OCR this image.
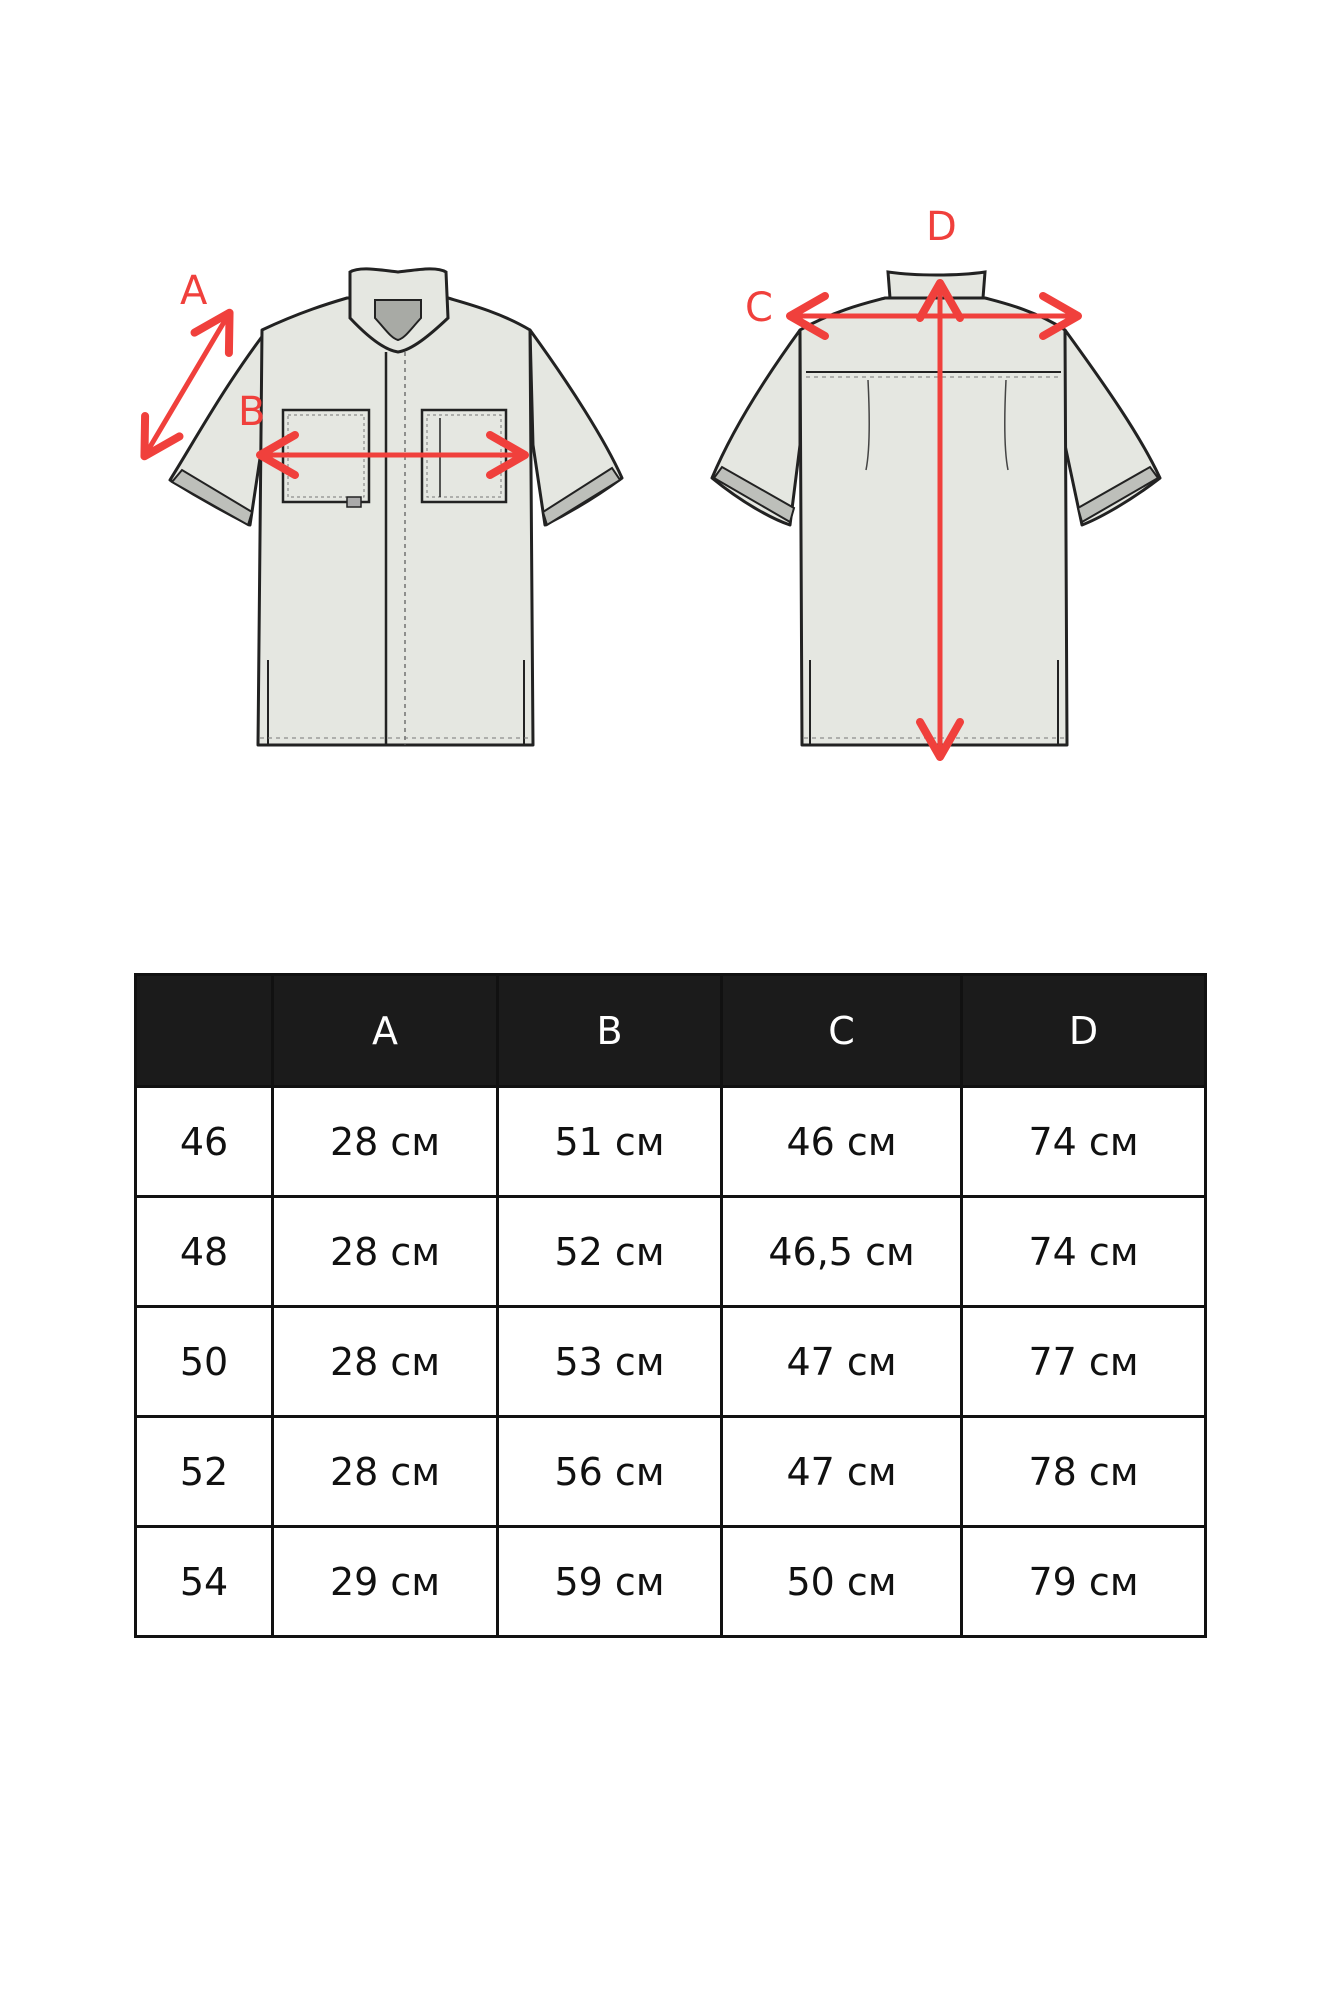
A
B
C
D
	A	B	C	D
46	28 см	51 см	46 см	74 см
48	28 см	52 см	46,5 см	74 см
50	28 см	53 см	47 см	77 см
52	28 см	56 см	47 см	78 см
54	29 см	59 см	50 см	79 см
